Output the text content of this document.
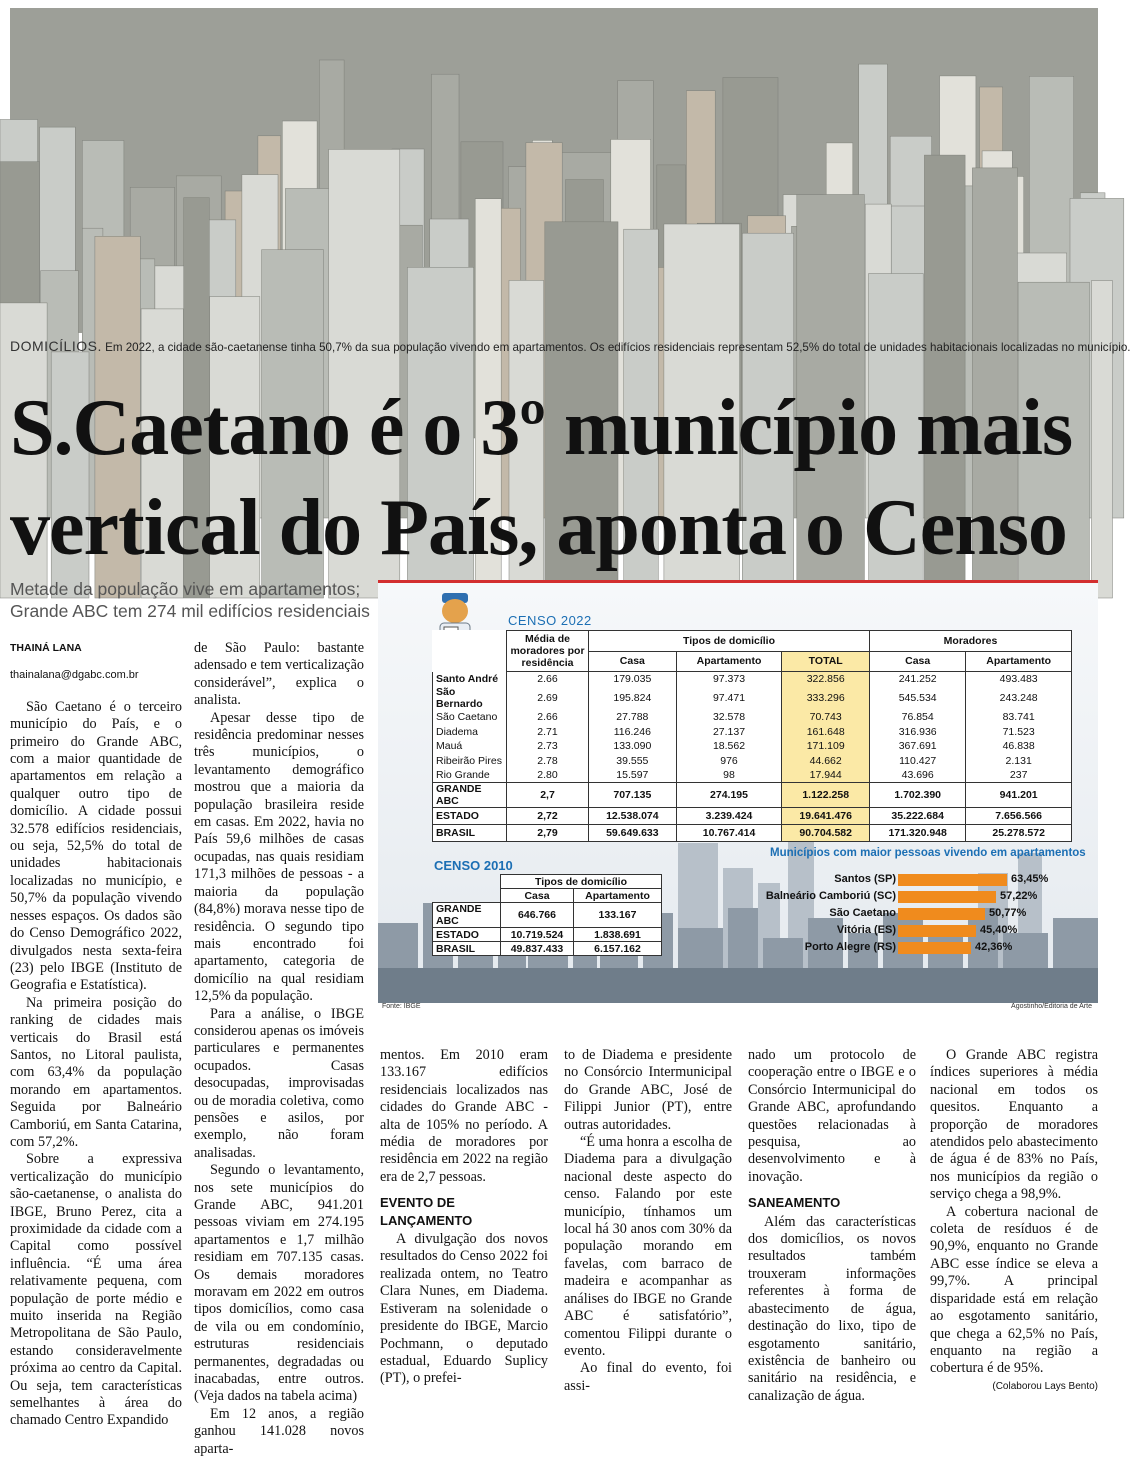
DOMICÍLIOS. Em 2022, a cidade são-caetanense tinha 50,7% da sua população vivendo em apartamentos. Os edifícios residenciais representam 52,5% do total de unidades habitacionais localizadas no município.
S.Caetano é o 3º município mais
vertical do País, aponta o Censo
Metade da população vive em apartamentos; Grande ABC tem 274 mil edifícios residenciais
THAINÁ LANA
thainalana@dgabc.com.br

São Caetano é o terceiro município do País, e o primeiro do Grande ABC, com a maior quantidade de apartamentos em relação a qualquer outro tipo de domicílio. A cidade possui 32.578 edifícios residenciais, ou seja, 52,5% do total de unidades habitacionais localizadas no município, e 50,7% da população vivendo nesses espaços. Os dados são do Censo Demográfico 2022, divulgados nesta sexta-feira (23) pelo IBGE (Instituto de Geografia e Estatística).

Na primeira posição do ranking de cidades mais verticais do Brasil está Santos, no Litoral paulista, com 63,4% da população morando em apartamentos. Seguida por Balneário Camboriú, em Santa Catarina, com 57,2%.

Sobre a expressiva verticalização do município são-caetanense, o analista do IBGE, Bruno Perez, cita a proximidade da cidade com a Capital como possível influência. “É uma área relativamente pequena, com população de porte médio e muito inserida na Região Metropolitana de São Paulo, estando consideravelmente próxima ao centro da Capital. Ou seja, tem características semelhantes à área do chamado Centro Expandido

de São Paulo: bastante adensado e tem verticalização considerável”, explica o analista.

Apesar desse tipo de residência predominar nesses três municípios, o levantamento demográfico mostrou que a maioria da população brasileira reside em casas. Em 2022, havia no País 59,6 milhões de casas ocupadas, nas quais residiam 171,3 milhões de pessoas - a maioria da população (84,8%) morava nesse tipo de residência. O segundo tipo mais encontrado foi apartamento, categoria de domicílio na qual residiam 12,5% da população.

Para a análise, o IBGE considerou apenas os imóveis particulares e permanentes ocupados. Casas desocupadas, improvisadas ou de moradia coletiva, como pensões e asilos, por exemplo, não foram analisadas.

Segundo o levantamento, nos sete municípios do Grande ABC, 941.201 pessoas viviam em 274.195 apartamentos e 1,7 milhão residiam em 707.135 casas. Os demais moradores moravam em 2022 em outros tipos domicílios, como casa de vila ou em condomínio, estruturas residenciais permanentes, degradadas ou inacabadas, entre outros. (Veja dados na tabela acima)

Em 12 anos, a região ganhou 141.028 novos aparta-

CENSO 2022
	Média de moradores por residência	Tipos de domicílio			Moradores	
		Casa	Apartamento	TOTAL	Casa	Apartamento
Santo André	2.66	179.035	97.373	322.856	241.252	493.483
São Bernardo	2.69	195.824	97.471	333.296	545.534	243.248
São Caetano	2.66	27.788	32.578	70.743	76.854	83.741
Diadema	2.71	116.246	27.137	161.648	316.936	71.523
Mauá	2.73	133.090	18.562	171.109	367.691	46.838
Ribeirão Pires	2.78	39.555	976	44.662	110.427	2.131
Rio Grande	2.80	15.597	98	17.944	43.696	237
GRANDE ABC	2,7	707.135	274.195	1.122.258	1.702.390	941.201
ESTADO	2,72	12.538.074	3.239.424	19.641.476	35.222.684	7.656.566
BRASIL	2,79	59.649.633	10.767.414	90.704.582	171.320.948	25.278.572
CENSO 2010
	Tipos de domicílio	
	Casa	Apartamento
GRANDE ABC	646.766	133.167
ESTADO	10.719.524	1.838.691
BRASIL	49.837.433	6.157.162
Municípios com maior pessoas vivendo em apartamentos
Santos (SP)	63,45%
Balneário Camboriú (SC)	57,22%
São Caetano	50,77%
Vitória (ES)	45,40%
Porto Alegre (RS)	42,36%
Fonte: IBGE	Agostinho/Editoria de Arte

mentos. Em 2010 eram 133.167 edifícios residenciais localizados nas cidades do Grande ABC - alta de 105% no período. A média de moradores por residência em 2022 na região era de 2,7 pessoas.

EVENTO DE LANÇAMENTO

A divulgação dos novos resultados do Censo 2022 foi realizada ontem, no Teatro Clara Nunes, em Diadema. Estiveram na solenidade o presidente do IBGE, Marcio Pochmann, o deputado estadual, Eduardo Suplicy (PT), o prefei-

to de Diadema e presidente no Consórcio Intermunicipal do Grande ABC, José de Filippi Junior (PT), entre outras autoridades.

“É uma honra a escolha de Diadema para a divulgação nacional deste aspecto do censo. Falando por este município, tínhamos um local há 30 anos com 30% da população morando em favelas, com barraco de madeira e acompanhar as análises do IBGE no Grande ABC é satisfatório”, comentou Filippi durante o evento.

Ao final do evento, foi assi-

nado um protocolo de cooperação entre o IBGE e o Consórcio Intermunicipal do Grande ABC, aprofundando questões relacionadas à pesquisa, ao desenvolvimento e à inovação.

SANEAMENTO

Além das características dos domicílios, os novos resultados também trouxeram informações referentes à forma de abastecimento de água, destinação do lixo, tipo de esgotamento sanitário, existência de banheiro ou sanitário na residência, e canalização de água.

O Grande ABC registra índices superiores à média nacional em todos os quesitos. Enquanto a proporção de moradores atendidos pelo abastecimento de água é de 83% no País, nos municípios da região o serviço chega a 98,9%.

A cobertura nacional de coleta de resíduos é de 90,9%, enquanto no Grande ABC esse índice se eleva a 99,7%. A principal disparidade está em relação ao esgotamento sanitário, que chega a 62,5% no País, enquanto na região a cobertura é de 95%.

(Colaborou Lays Bento)
